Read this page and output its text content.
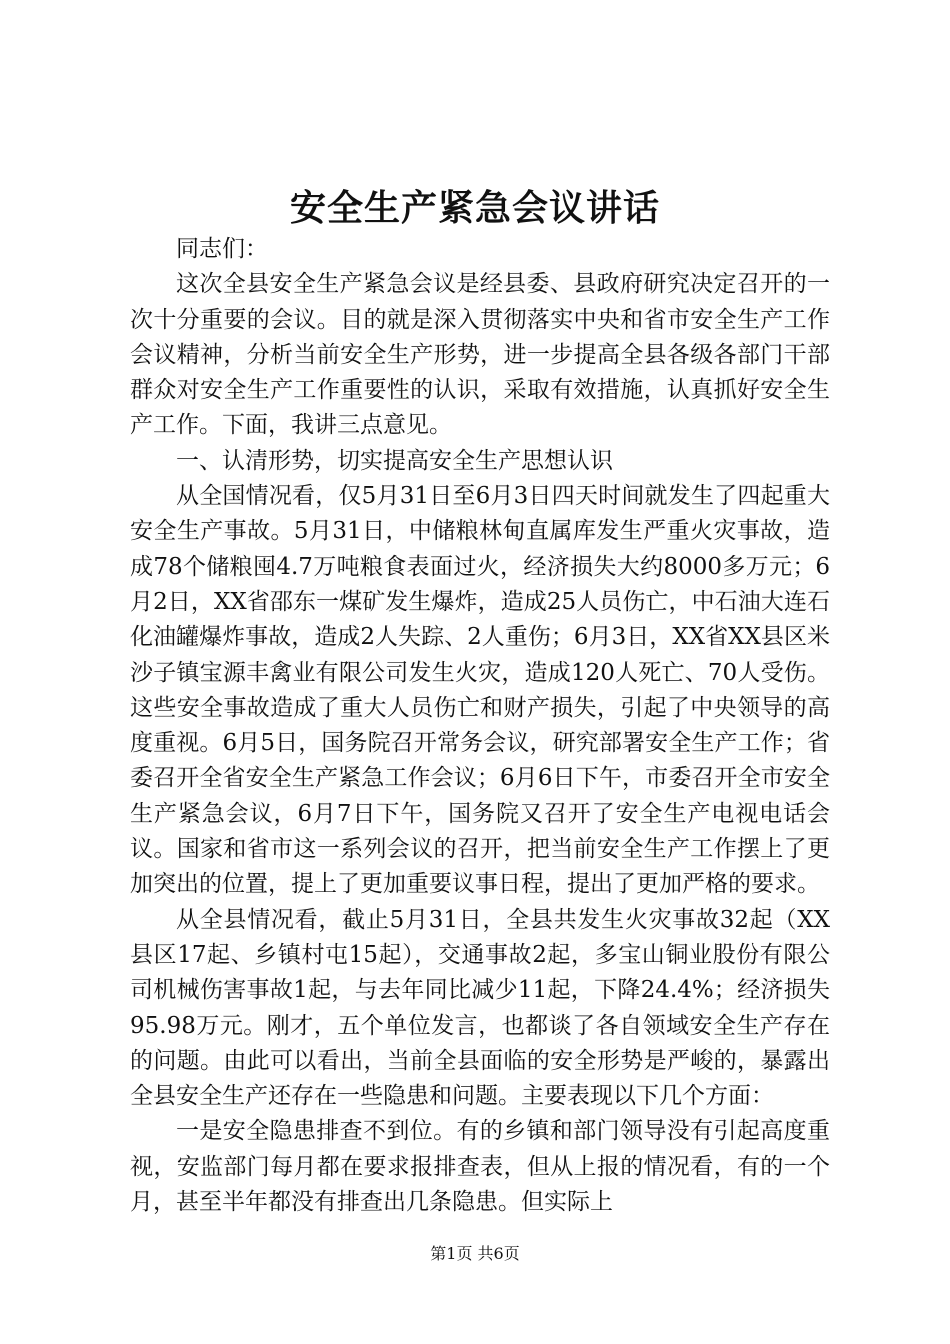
安全生产紧急会议讲话

同志们：

这次全县安全生产紧急会议是经县委、县政府研究决定召开的一次十分重要的会议。目的就是深入贯彻落实中央和省市安全生产工作会议精神，分析当前安全生产形势，进一步提高全县各级各部门干部群众对安全生产工作重要性的认识，采取有效措施，认真抓好安全生产工作。下面，我讲三点意见。

一、认清形势，切实提高安全生产思想认识

从全国情况看，仅5月31日至6月3日四天时间就发生了四起重大安全生产事故。5月31日，中储粮林甸直属库发生严重火灾事故，造成78个储粮囤4.7万吨粮食表面过火，经济损失大约8000多万元；6月2日，XX省邵东一煤矿发生爆炸，造成25人员伤亡，中石油大连石化油罐爆炸事故，造成2人失踪、2人重伤；6月3日，XX省XX县区米沙子镇宝源丰禽业有限公司发生火灾，造成120人死亡、70人受伤。这些安全事故造成了重大人员伤亡和财产损失，引起了中央领导的高度重视。6月5日，国务院召开常务会议，研究部署安全生产工作；省委召开全省安全生产紧急工作会议；6月6日下午，市委召开全市安全生产紧急会议，6月7日下午，国务院又召开了安全生产电视电话会议。国家和省市这一系列会议的召开，把当前安全生产工作摆上了更加突出的位置，提上了更加重要议事日程，提出了更加严格的要求。

从全县情况看，截止5月31日，全县共发生火灾事故32起（XX县区17起、乡镇村屯15起），交通事故2起，多宝山铜业股份有限公司机械伤害事故1起，与去年同比减少11起，下降24.4%；经济损失95.98万元。刚才，五个单位发言，也都谈了各自领域安全生产存在的问题。由此可以看出，当前全县面临的安全形势是严峻的，暴露出全县安全生产还存在一些隐患和问题。主要表现以下几个方面：

一是安全隐患排查不到位。有的乡镇和部门领导没有引起高度重视，安监部门每月都在要求报排查表，但从上报的情况看，有的一个月，甚至半年都没有排查出几条隐患。但实际上

第1页 共6页
